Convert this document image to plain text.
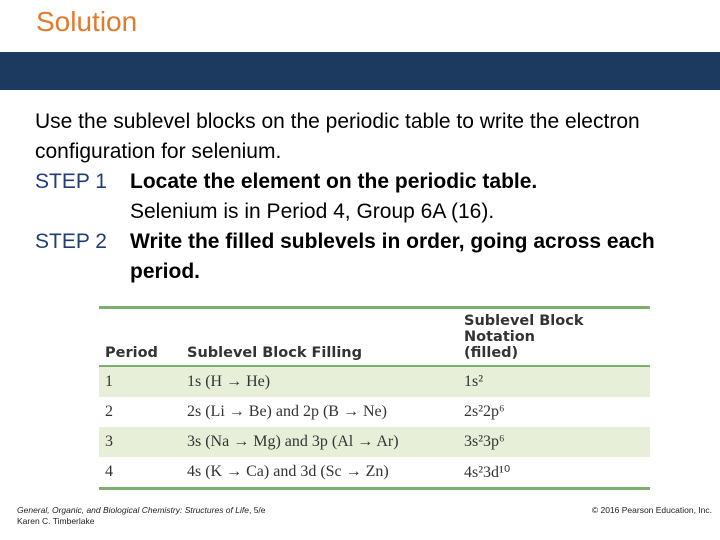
Solution

Use the sublevel blocks on the periodic table to write the electron configuration for selenium.

STEP 1	Locate the element on the periodic table.
Selenium is in Period 4, Group 6A (16).
STEP 2	Write the filled sublevels in order, going across each period.

Period	Sublevel Block Filling	Sublevel Block Notation
(filled)
1	1s (H → He)	1s²
2	2s (Li → Be) and 2p (B → Ne)	2s²2p⁶
3	3s (Na → Mg) and 3p (Al → Ar)	3s²3p⁶
4	4s (K → Ca) and 3d (Sc → Zn)	4s²3d¹⁰
General, Organic, and Biological Chemistry: Structures of Life, 5/e
Karen C. Timberlake
© 2016 Pearson Education, Inc.
